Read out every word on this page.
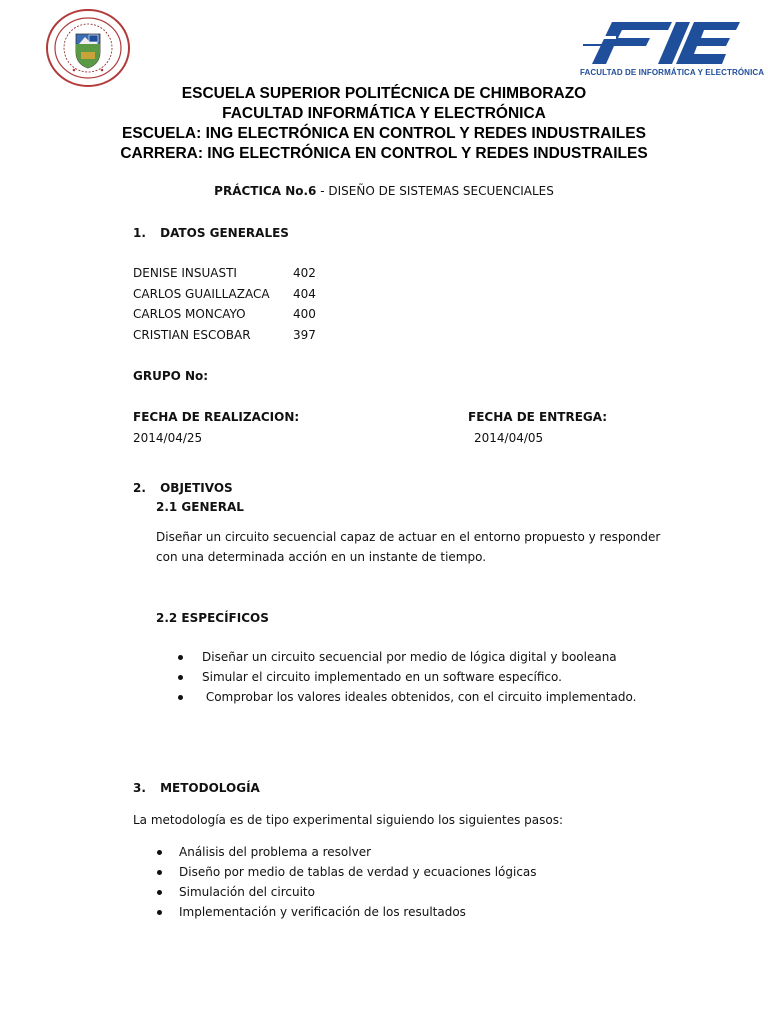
FACULTAD DE INFORMÁTICA Y ELECTRÓNICA
ESCUELA SUPERIOR POLITÉCNICA DE CHIMBORAZO
FACULTAD INFORMÁTICA Y ELECTRÓNICA
ESCUELA: ING ELECTRÓNICA EN CONTROL Y REDES INDUSTRAILES
CARRERA: ING ELECTRÓNICA EN CONTROL Y REDES INDUSTRAILES
PRÁCTICA No.6 - DISEÑO DE SISTEMAS SECUENCIALES
1. DATOS GENERALES
DENISE INSUASTI	402
CARLOS GUAILLAZACA 404
CARLOS MONCAYO	400
CRISTIAN ESCOBAR	397
GRUPO No:
FECHA DE REALIZACION:
2014/04/25
FECHA DE ENTREGA:
2014/04/05
2. OBJETIVOS
2.1 GENERAL
Diseñar un circuito secuencial capaz de actuar en el entorno propuesto y responder
con una determinada acción en un instante de tiempo.
2.2 ESPECÍFICOS
Diseñar un circuito secuencial por medio de lógica digital y booleana
Simular el circuito implementado en un software específico.
Comprobar los valores ideales obtenidos, con el circuito implementado.
3. METODOLOGÍA
La metodología es de tipo experimental siguiendo los siguientes pasos:
Análisis del problema a resolver
Diseño por medio de tablas de verdad y ecuaciones lógicas
Simulación del circuito
Implementación y verificación de los resultados
